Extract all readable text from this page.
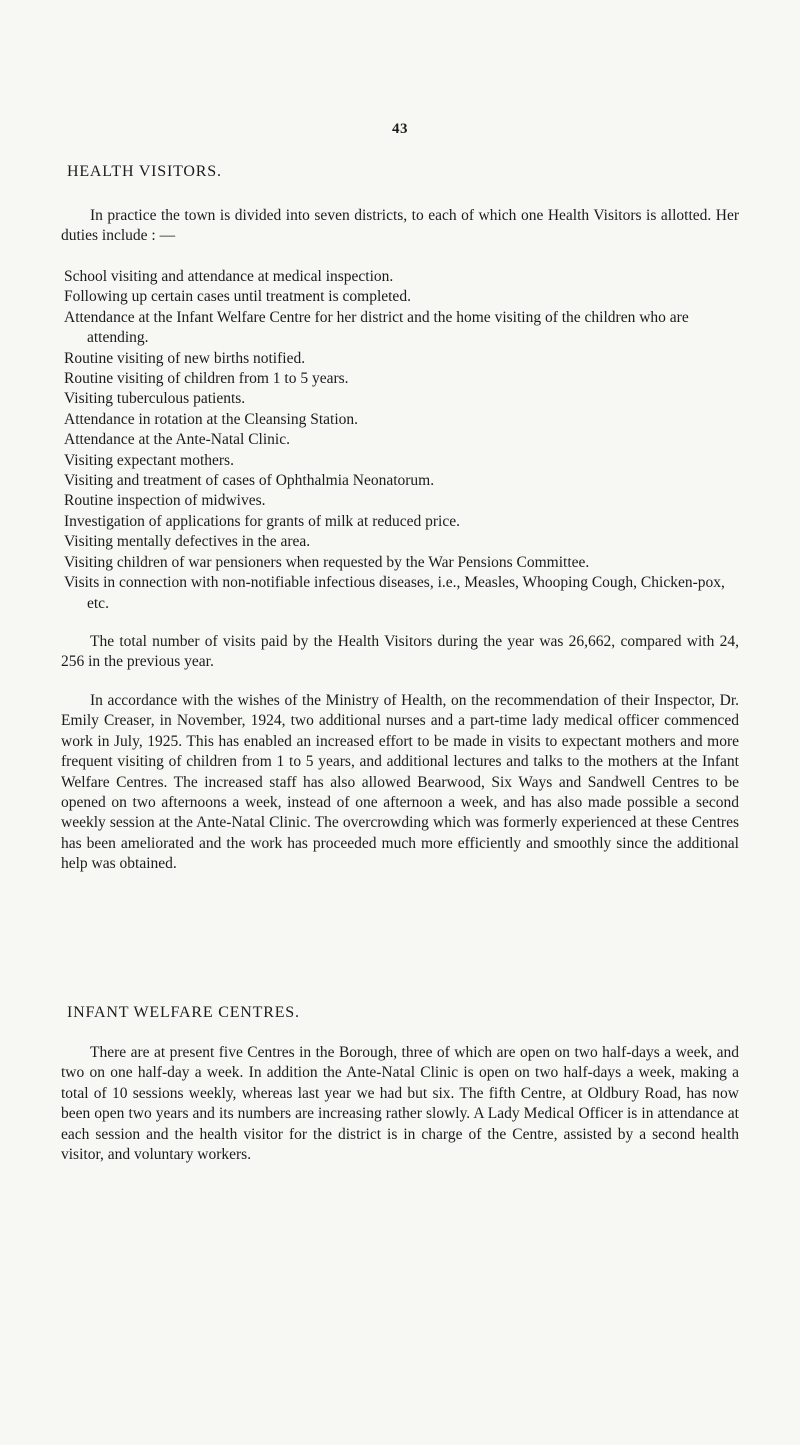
43
HEALTH VISITORS.

In practice the town is divided into seven districts, to each of which one Health Visitors is allotted. Her duties include : —

School visiting and attendance at medical inspection.
Following up certain cases until treatment is completed.
Attendance at the Infant Welfare Centre for her district and the home visiting of the children who are attending.
Routine visiting of new births notified.
Routine visiting of children from 1 to 5 years.
Visiting tuberculous patients.
Attendance in rotation at the Cleansing Station.
Attendance at the Ante-Natal Clinic.
Visiting expectant mothers.
Visiting and treatment of cases of Ophthalmia Neonatorum.
Routine inspection of midwives.
Investigation of applications for grants of milk at reduced price.
Visiting mentally defectives in the area.
Visiting children of war pensioners when requested by the War Pensions Committee.
Visits in connection with non-notifiable infectious diseases, i.e., Measles, Whooping Cough, Chicken-pox, etc.

The total number of visits paid by the Health Visitors during the year was 26,662, compared with 24, 256 in the previous year.

In accordance with the wishes of the Ministry of Health, on the recommendation of their Inspector, Dr. Emily Creaser, in November, 1924, two additional nurses and a part-time lady medical officer commenced work in July, 1925. This has enabled an increased effort to be made in visits to expectant mothers and more frequent visiting of children from 1 to 5 years, and additional lectures and talks to the mothers at the Infant Welfare Centres. The increased staff has also allowed Bearwood, Six Ways and Sandwell Centres to be opened on two afternoons a week, instead of one afternoon a week, and has also made possible a second weekly session at the Ante-Natal Clinic. The overcrowding which was formerly experienced at these Centres has been ameliorated and the work has proceeded much more efficiently and smoothly since the additional help was obtained.

INFANT WELFARE CENTRES.

There are at present five Centres in the Borough, three of which are open on two half-days a week, and two on one half-day a week. In addition the Ante-Natal Clinic is open on two half-days a week, making a total of 10 sessions weekly, whereas last year we had but six. The fifth Centre, at Oldbury Road, has now been open two years and its numbers are increasing rather slowly. A Lady Medical Officer is in attendance at each session and the health visitor for the district is in charge of the Centre, assisted by a second health visitor, and voluntary workers.
